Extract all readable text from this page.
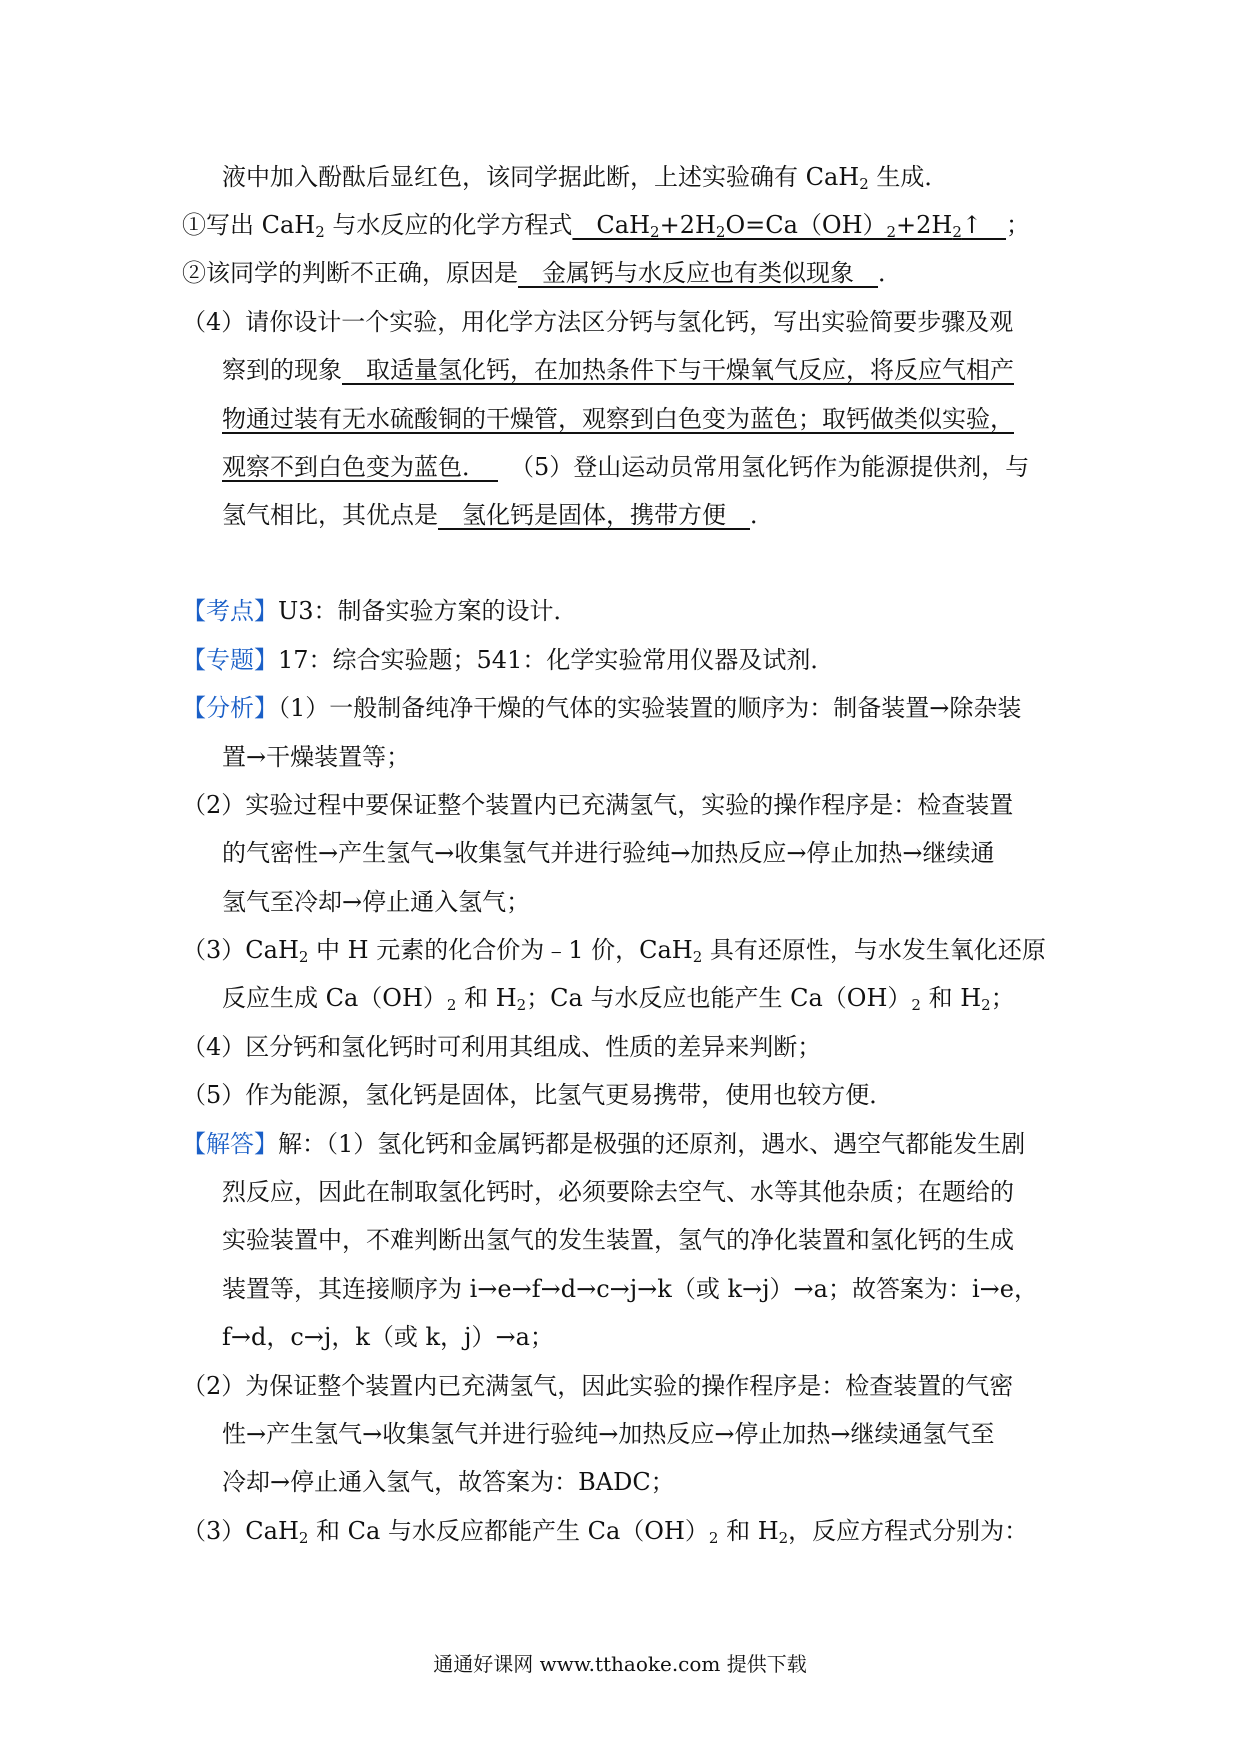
液中加入酚酞后显红色，该同学据此断，上述实验确有 CaH$_2$ 生成．
①写出 CaH$_2$ 与水反应的化学方程式　$CaH_2+2H_2O=Ca(OH)_2+2H_2↑$　；
②该同学的判断不正确，原因是　金属钙与水反应也有类似现象　．
（4）请你设计一个实验，用化学方法区分钙与氢化钙，写出实验简要步骤及观
察到的现象　取适量氢化钙，在加热条件下与干燥氧气反应，将反应气相产
物通过装有无水硫酸铜的干燥管，观察到白色变为蓝色；取钙做类似实验，
观察不到白色变为蓝色．　　（5）登山运动员常用氢化钙作为能源提供剂，与
氢气相比，其优点是　氢化钙是固体，携带方便　．
【考点】U3：制备实验方案的设计．
【专题】17：综合实验题；541：化学实验常用仪器及试剂．
【分析】（1）一般制备纯净干燥的气体的实验装置的顺序为：制备装置→除杂装
置→干燥装置等；
（2）实验过程中要保证整个装置内已充满氢气，实验的操作程序是：检查装置
的气密性→产生氢气→收集氢气并进行验纯→加热反应→停止加热→继续通
氢气至冷却→停止通入氢气；
（3）CaH$_2$ 中 H 元素的化合价为﹣1 价，CaH$_2$ 具有还原性，与水发生氧化还原
反应生成 $Ca(OH)_2$ 和 $H_2$；Ca 与水反应也能产生 $Ca(OH)_2$ 和 $H_2$；
（4）区分钙和氢化钙时可利用其组成、性质的差异来判断；
（5）作为能源，氢化钙是固体，比氢气更易携带，使用也较方便．
【解答】解：（1）氢化钙和金属钙都是极强的还原剂，遇水、遇空气都能发生剧
烈反应，因此在制取氢化钙时，必须要除去空气、水等其他杂质；在题给的
实验装置中，不难判断出氢气的发生装置，氢气的净化装置和氢化钙的生成
装置等，其连接顺序为 i→e→f→d→c→j→k（或 k→j）→a；故答案为：i→e，
f→d，c→j，k（或 k，j）→a；
（2）为保证整个装置内已充满氢气，因此实验的操作程序是：检查装置的气密
性→产生氢气→收集氢气并进行验纯→加热反应→停止加热→继续通氢气至
冷却→停止通入氢气，故答案为：BADC；
（3）CaH$_2$ 和 Ca 与水反应都能产生 $Ca(OH)_2$ 和 $H_2$，反应方程式分别为：
通通好课网 www.tthaoke.com 提供下载
